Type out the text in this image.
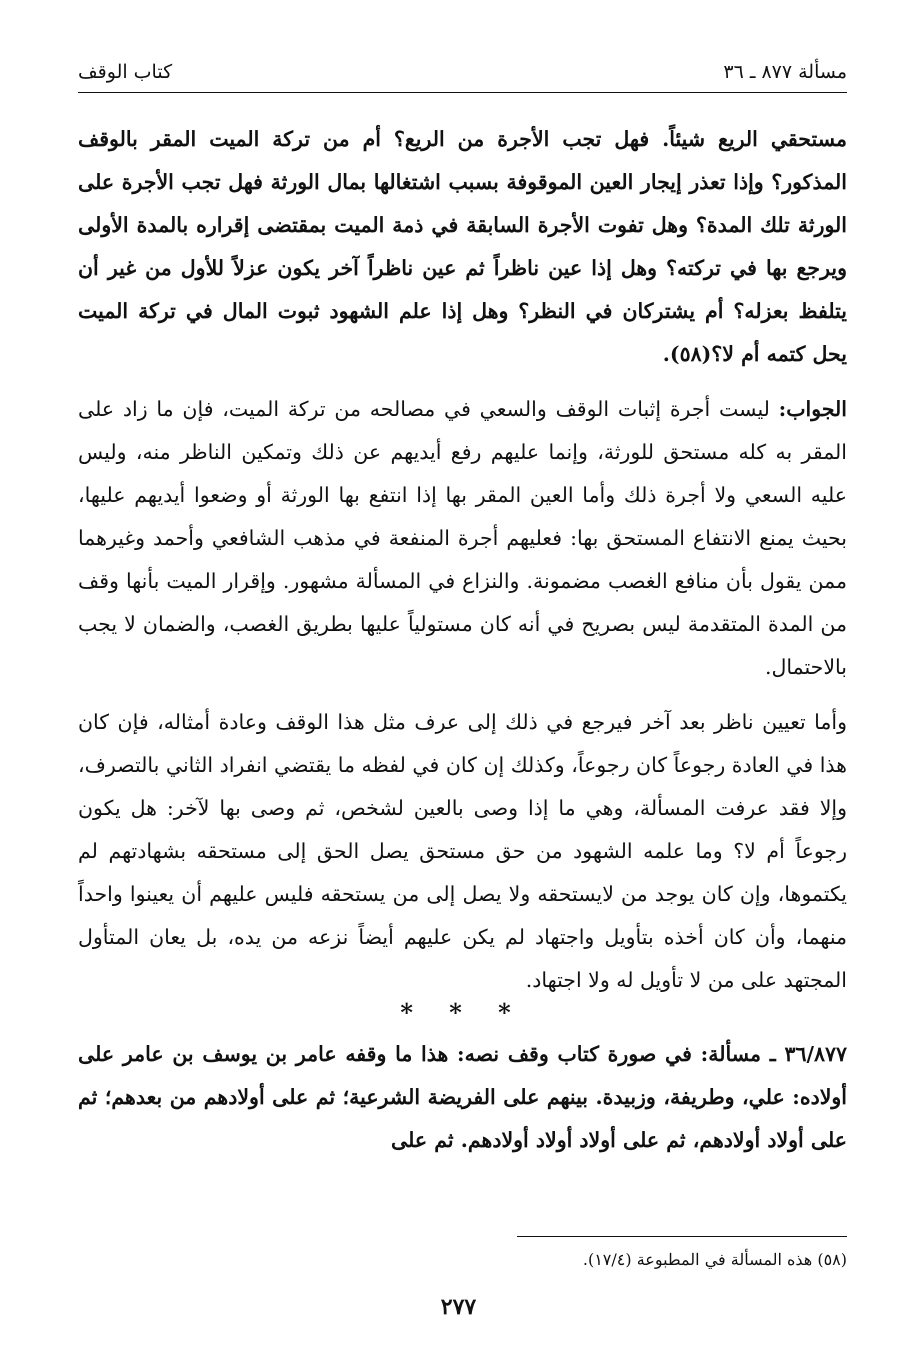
كتاب الوقف	مسألة ٨٧٧ ـ ٣٦

مستحقي الريع شيئاً. فهل تجب الأجرة من الريع؟ أم من تركة الميت المقر بالوقف المذكور؟ وإذا تعذر إيجار العين الموقوفة بسبب اشتغالها بمال الورثة فهل تجب الأجرة على الورثة تلك المدة؟ وهل تفوت الأجرة السابقة في ذمة الميت بمقتضى إقراره بالمدة الأولى ويرجع بها في تركته؟ وهل إذا عين ناظراً ثم عين ناظراً آخر يكون عزلاً للأول من غير أن يتلفظ بعزله؟ أم يشتركان في النظر؟ وهل إذا علم الشهود ثبوت المال في تركة الميت يحل كتمه أم لا؟(٥٨).

الجواب: ليست أجرة إثبات الوقف والسعي في مصالحه من تركة الميت، فإن ما زاد على المقر به كله مستحق للورثة، وإنما عليهم رفع أيديهم عن ذلك وتمكين الناظر منه، وليس عليه السعي ولا أجرة ذلك وأما العين المقر بها إذا انتفع بها الورثة أو وضعوا أيديهم عليها، بحيث يمنع الانتفاع المستحق بها: فعليهم أجرة المنفعة في مذهب الشافعي وأحمد وغيرهما ممن يقول بأن منافع الغصب مضمونة. والنزاع في المسألة مشهور. وإقرار الميت بأنها وقف من المدة المتقدمة ليس بصريح في أنه كان مستولياً عليها بطريق الغصب، والضمان لا يجب بالاحتمال.

وأما تعيين ناظر بعد آخر فيرجع في ذلك إلى عرف مثل هذا الوقف وعادة أمثاله، فإن كان هذا في العادة رجوعاً كان رجوعاً، وكذلك إن كان في لفظه ما يقتضي انفراد الثاني بالتصرف، وإلا فقد عرفت المسألة، وهي ما إذا وصى بالعين لشخص، ثم وصى بها لآخر: هل يكون رجوعاً أم لا؟ وما علمه الشهود من حق مستحق يصل الحق إلى مستحقه بشهادتهم لم يكتموها، وإن كان يوجد من لايستحقه ولا يصل إلى من يستحقه فليس عليهم أن يعينوا واحداً منهما، وأن كان أخذه بتأويل واجتهاد لم يكن عليهم أيضاً نزعه من يده، بل يعان المتأول المجتهد على من لا تأويل له ولا اجتهاد.

* * *

٣٦/٨٧٧ ـ مسألة: في صورة كتاب وقف نصه: هذا ما وقفه عامر بن يوسف بن عامر على أولاده: علي، وطريفة، وزبيدة. بينهم على الفريضة الشرعية؛ ثم على أولادهم من بعدهم؛ ثم على أولاد أولادهم، ثم على أولاد أولاد أولادهم. ثم على

(٥٨) هذه المسألة في المطبوعة (١٧/٤).
٢٧٧
